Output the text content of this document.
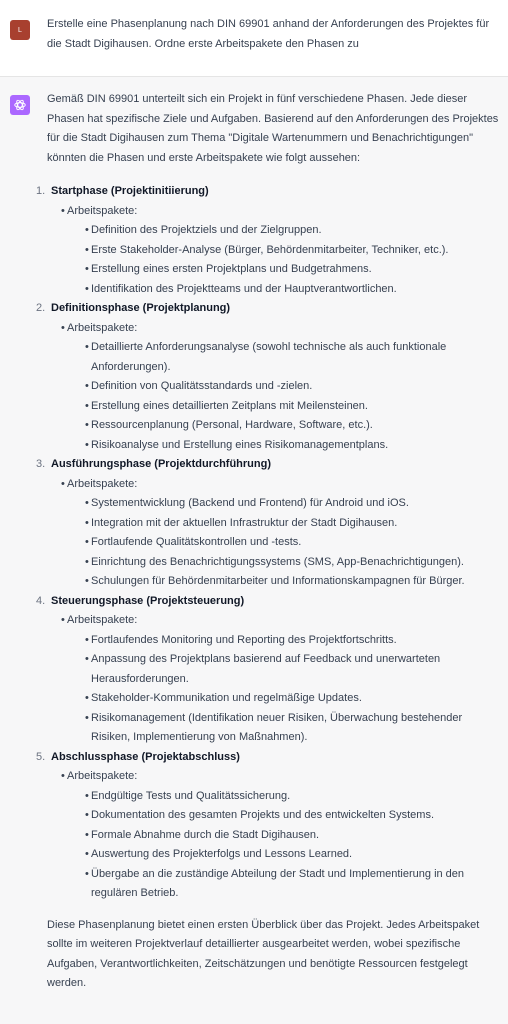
L Erstelle eine Phasenplanung nach DIN 69901 anhand der Anforderungen des Projektes für die Stadt Digihausen. Ordne erste Arbeitspakete den Phasen zu

Gemäß DIN 69901 unterteilt sich ein Projekt in fünf verschiedene Phasen. Jede dieser Phasen hat spezifische Ziele und Aufgaben. Basierend auf den Anforderungen des Projektes für die Stadt Digihausen zum Thema "Digitale Wartenummern und Benachrichtigungen" könnten die Phasen und erste Arbeitspakete wie folgt aussehen:

1. Startphase (Projektinitiierung)
• Arbeitspakete:
• Definition des Projektziels und der Zielgruppen.
• Erste Stakeholder-Analyse (Bürger, Behördenmitarbeiter, Techniker, etc.).
• Erstellung eines ersten Projektplans und Budgetrahmens.
• Identifikation des Projektteams und der Hauptverantwortlichen.
2. Definitionsphase (Projektplanung)
• Arbeitspakete:
• Detaillierte Anforderungsanalyse (sowohl technische als auch funktionale Anforderungen).
• Definition von Qualitätsstandards und -zielen.
• Erstellung eines detaillierten Zeitplans mit Meilensteinen.
• Ressourcenplanung (Personal, Hardware, Software, etc.).
• Risikoanalyse und Erstellung eines Risikomanagementplans.
3. Ausführungsphase (Projektdurchführung)
• Arbeitspakete:
• Systementwicklung (Backend und Frontend) für Android und iOS.
• Integration mit der aktuellen Infrastruktur der Stadt Digihausen.
• Fortlaufende Qualitätskontrollen und -tests.
• Einrichtung des Benachrichtigungssystems (SMS, App-Benachrichtigungen).
• Schulungen für Behördenmitarbeiter und Informationskampagnen für Bürger.
4. Steuerungsphase (Projektsteuerung)
• Arbeitspakete:
• Fortlaufendes Monitoring und Reporting des Projektfortschritts.
• Anpassung des Projektplans basierend auf Feedback und unerwarteten Herausforderungen.
• Stakeholder-Kommunikation und regelmäßige Updates.
• Risikomanagement (Identifikation neuer Risiken, Überwachung bestehender Risiken, Implementierung von Maßnahmen).
5. Abschlussphase (Projektabschluss)
• Arbeitspakete:
• Endgültige Tests und Qualitätssicherung.
• Dokumentation des gesamten Projekts und des entwickelten Systems.
• Formale Abnahme durch die Stadt Digihausen.
• Auswertung des Projekterfolgs und Lessons Learned.
• Übergabe an die zuständige Abteilung der Stadt und Implementierung in den regulären Betrieb.

Diese Phasenplanung bietet einen ersten Überblick über das Projekt. Jedes Arbeitspaket sollte im weiteren Projektverlauf detaillierter ausgearbeitet werden, wobei spezifische Aufgaben, Verantwortlichkeiten, Zeitschätzungen und benötigte Ressourcen festgelegt werden.
